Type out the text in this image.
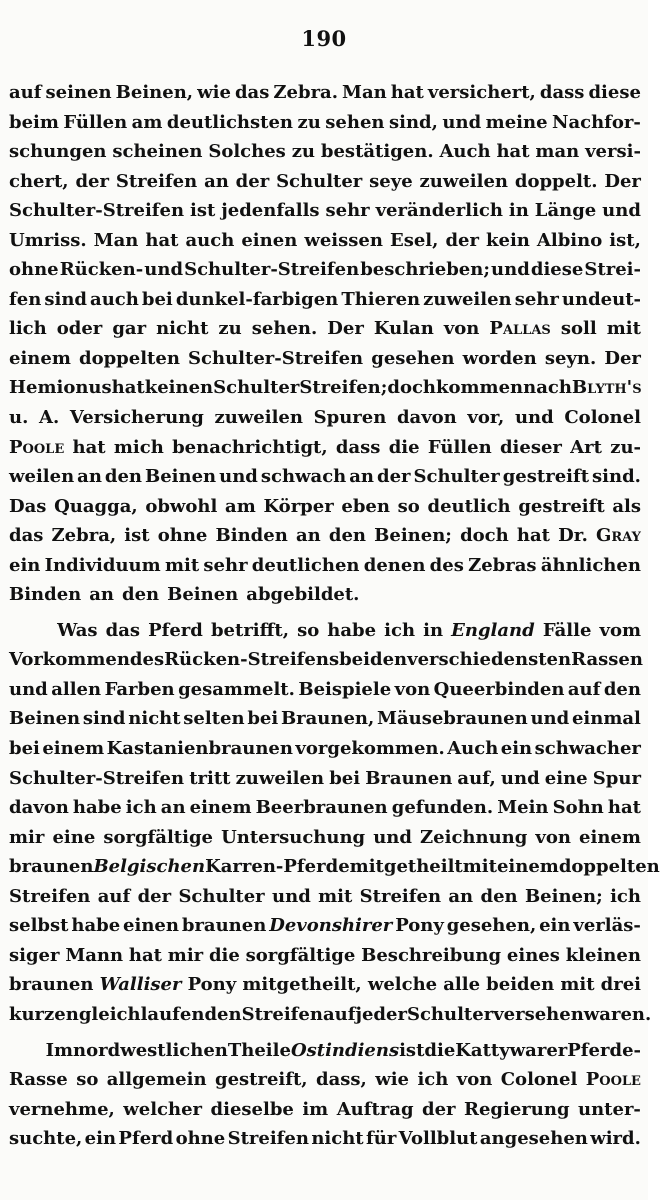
190
auf seinen Beinen, wie das Zebra. Man hat versichert, dass diese
beim Füllen am deutlichsten zu sehen sind, und meine Nachfor-
schungen scheinen Solches zu bestätigen. Auch hat man versi-
chert, der Streifen an der Schulter seye zuweilen doppelt. Der
Schulter-Streifen ist jedenfalls sehr veränderlich in Länge und
Umriss. Man hat auch einen weissen Esel, der kein Albino ist,
ohne Rücken- und Schulter-Streifen beschrieben; und diese Strei-
fen sind auch bei dunkel-farbigen Thieren zuweilen sehr undeut-
lich oder gar nicht zu sehen. Der Kulan von Pallas soll mit
einem doppelten Schulter-Streifen gesehen worden seyn. Der
Hemionus hat keinen Schulter Streifen; doch kommen nach Blyth's
u. A. Versicherung zuweilen Spuren davon vor, und Colonel
Poole hat mich benachrichtigt, dass die Füllen dieser Art zu-
weilen an den Beinen und schwach an der Schulter gestreift sind.
Das Quagga, obwohl am Körper eben so deutlich gestreift als
das Zebra, ist ohne Binden an den Beinen; doch hat Dr. Gray
ein Individuum mit sehr deutlichen denen des Zebras ähnlichen
Binden an den Beinen abgebildet.
Was das Pferd betrifft, so habe ich in England Fälle vom
Vorkommen des Rücken-Streifens bei den verschiedensten Rassen
und allen Farben gesammelt. Beispiele von Queerbinden auf den
Beinen sind nicht selten bei Braunen, Mäusebraunen und einmal
bei einem Kastanienbraunen vorgekommen. Auch ein schwacher
Schulter-Streifen tritt zuweilen bei Braunen auf, und eine Spur
davon habe ich an einem Beerbraunen gefunden. Mein Sohn hat
mir eine sorgfältige Untersuchung und Zeichnung von einem
braunen Belgischen Karren-Pferde mitgetheilt mit einem doppelten
Streifen auf der Schulter und mit Streifen an den Beinen; ich
selbst habe einen braunen Devonshirer Pony gesehen, ein verläs-
siger Mann hat mir die sorgfältige Beschreibung eines kleinen
braunen Walliser Pony mitgetheilt, welche alle beiden mit drei
kurzen gleichlaufenden Streifen auf jeder Schulter versehen waren.
Im nordwestlichen Theile Ostindiens ist die Kattywarer Pferde-
Rasse so allgemein gestreift, dass, wie ich von Colonel Poole
vernehme, welcher dieselbe im Auftrag der Regierung unter-
suchte, ein Pferd ohne Streifen nicht für Vollblut angesehen wird.
